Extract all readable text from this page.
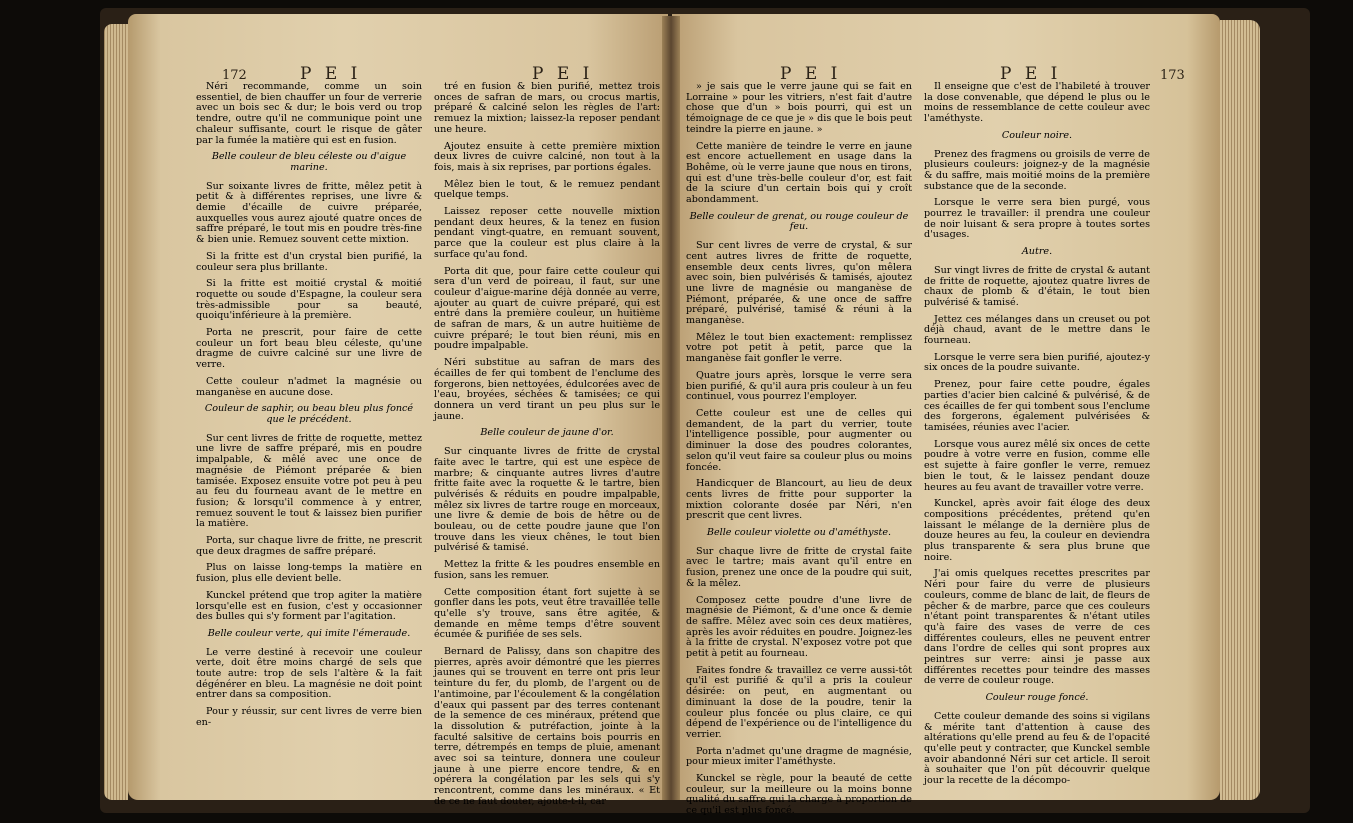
172	P E I	P E I	P E I	P E I	173

Néri recommande, comme un soin essentiel, de bien chauffer un four de verrerie avec un bois sec & dur; le bois verd ou trop tendre, outre qu'il ne communique point une chaleur suffisante, court le risque de gâter par la fumée la matière qui est en fusion.

Belle couleur de bleu céleste ou d'aigue marine.

Sur soixante livres de fritte, mêlez petit à petit & à différentes reprises, une livre & demie d'écaille de cuivre préparée, auxquelles vous aurez ajouté quatre onces de saffre préparé, le tout mis en poudre très-fine & bien unie. Remuez souvent cette mixtion.

Si la fritte est d'un crystal bien purifié, la couleur sera plus brillante.

Si la fritte est moitié crystal & moitié roquette ou soude d'Espagne, la couleur sera très-admissible pour sa beauté, quoiqu'inférieure à la première.

Porta ne prescrit, pour faire de cette couleur un fort beau bleu céleste, qu'une dragme de cuivre calciné sur une livre de verre.

Cette couleur n'admet la magnésie ou manganèse en aucune dose.

Couleur de saphir, ou beau bleu plus foncé que le précédent.

Sur cent livres de fritte de roquette, mettez une livre de saffre préparé, mis en poudre impalpable, & mêlé avec une once de magnésie de Piémont préparée & bien tamisée. Exposez ensuite votre pot peu à peu au feu du fourneau avant de le mettre en fusion; & lorsqu'il commence à y entrer, remuez souvent le tout & laissez bien purifier la matière.

Porta, sur chaque livre de fritte, ne prescrit que deux dragmes de saffre préparé.

Plus on laisse long-temps la matière en fusion, plus elle devient belle.

Kunckel prétend que trop agiter la matière lorsqu'elle est en fusion, c'est y occasionner des bulles qui s'y forment par l'agitation.

Belle couleur verte, qui imite l'émeraude.

Le verre destiné à recevoir une couleur verte, doit être moins chargé de sels que toute autre: trop de sels l'altère & la fait dégénérer en bleu. La magnésie ne doit point entrer dans sa composition.

Pour y réussir, sur cent livres de verre bien en-

tré en fusion & bien purifié, mettez trois onces de safran de mars, ou crocus martis, préparé & calciné selon les règles de l'art: remuez la mixtion; laissez-la reposer pendant une heure.

Ajoutez ensuite à cette première mixtion deux livres de cuivre calciné, non tout à la fois, mais à six reprises, par portions égales.

Mêlez bien le tout, & le remuez pendant quelque temps.

Laissez reposer cette nouvelle mixtion pendant deux heures, & la tenez en fusion pendant vingt-quatre, en remuant souvent, parce que la couleur est plus claire à la surface qu'au fond.

Porta dit que, pour faire cette couleur qui sera d'un verd de poireau, il faut, sur une couleur d'aigue-marine déjà donnée au verre, ajouter au quart de cuivre préparé, qui est entré dans la première couleur, un huitième de safran de mars, & un autre huitième de cuivre préparé; le tout bien réuni, mis en poudre impalpable.

Néri substitue au safran de mars des écailles de fer qui tombent de l'enclume des forgerons, bien nettoyées, édulcorées avec de l'eau, broyées, séchées & tamisées; ce qui donnera un verd tirant un peu plus sur le jaune.

Belle couleur de jaune d'or.

Sur cinquante livres de fritte de crystal faite avec le tartre, qui est une espèce de marbre; & cinquante autres livres d'autre fritte faite avec la roquette & le tartre, bien pulvérisés & réduits en poudre impalpable, mêlez six livres de tartre rouge en morceaux, une livre & demie de bois de hêtre ou de bouleau, ou de cette poudre jaune que l'on trouve dans les vieux chênes, le tout bien pulvérisé & tamisé.

Mettez la fritte & les poudres ensemble en fusion, sans les remuer.

Cette composition étant fort sujette à se gonfler dans les pots, veut être travaillée telle qu'elle s'y trouve, sans être agitée, & demande en même temps d'être souvent écumée & purifiée de ses sels.

Bernard de Palissy, dans son chapitre des pierres, après avoir démontré que les pierres jaunes qui se trouvent en terre ont pris leur teinture du fer, du plomb, de l'argent ou de l'antimoine, par l'écoulement & la congélation d'eaux qui passent par des terres contenant de la semence de ces minéraux, prétend que la dissolution & putréfaction, jointe à la faculté salsitive de certains bois pourris en terre, détrempés en temps de pluie, amenant avec soi sa teinture, donnera une couleur jaune à une pierre encore tendre, & en opérera la congélation par les sels qui s'y rencontrent, comme dans les minéraux. « Et de ce ne faut douter, ajoute-t-il, car

» je sais que le verre jaune qui se fait en Lorraine » pour les vitriers, n'est fait d'autre chose que d'un » bois pourri, qui est un témoignage de ce que je » dis que le bois peut teindre la pierre en jaune. »

Cette manière de teindre le verre en jaune est encore actuellement en usage dans la Bohême, où le verre jaune que nous en tirons, qui est d'une très-belle couleur d'or, est fait de la sciure d'un certain bois qui y croît abondamment.

Belle couleur de grenat, ou rouge couleur de feu.

Sur cent livres de verre de crystal, & sur cent autres livres de fritte de roquette, ensemble deux cents livres, qu'on mêlera avec soin, bien pulvérisés & tamisés, ajoutez une livre de magnésie ou manganèse de Piémont, préparée, & une once de saffre préparé, pulvérisé, tamisé & réuni à la manganèse.

Mêlez le tout bien exactement: remplissez votre pot petit à petit, parce que la manganèse fait gonfler le verre.

Quatre jours après, lorsque le verre sera bien purifié, & qu'il aura pris couleur à un feu continuel, vous pourrez l'employer.

Cette couleur est une de celles qui demandent, de la part du verrier, toute l'intelligence possible, pour augmenter ou diminuer la dose des poudres colorantes, selon qu'il veut faire sa couleur plus ou moins foncée.

Handicquer de Blancourt, au lieu de deux cents livres de fritte pour supporter la mixtion colorante dosée par Néri, n'en prescrit que cent livres.

Belle couleur violette ou d'améthyste.

Sur chaque livre de fritte de crystal faite avec le tartre; mais avant qu'il entre en fusion, prenez une once de la poudre qui suit, & la mêlez.

Composez cette poudre d'une livre de magnésie de Piémont, & d'une once & demie de saffre. Mêlez avec soin ces deux matières, après les avoir réduites en poudre. Joignez-les à la fritte de crystal. N'exposez votre pot que petit à petit au fourneau.

Faites fondre & travaillez ce verre aussi-tôt qu'il est purifié & qu'il a pris la couleur désirée: on peut, en augmentant ou diminuant la dose de la poudre, tenir la couleur plus foncée ou plus claire, ce qui dépend de l'expérience ou de l'intelligence du verrier.

Porta n'admet qu'une dragme de magnésie, pour mieux imiter l'améthyste.

Kunckel se règle, pour la beauté de cette couleur, sur la meilleure ou la moins bonne qualité du saffre qui la charge à proportion de ce qu'il est plus foncé.

Il enseigne que c'est de l'habileté à trouver la dose convenable, que dépend le plus ou le moins de ressemblance de cette couleur avec l'améthyste.

Couleur noire.

Prenez des fragmens ou groisils de verre de plusieurs couleurs: joignez-y de la magnésie & du saffre, mais moitié moins de la première substance que de la seconde.

Lorsque le verre sera bien purgé, vous pourrez le travailler: il prendra une couleur de noir luisant & sera propre à toutes sortes d'usages.

Autre.

Sur vingt livres de fritte de crystal & autant de fritte de roquette, ajoutez quatre livres de chaux de plomb & d'étain, le tout bien pulvérisé & tamisé.

Jettez ces mélanges dans un creuset ou pot déjà chaud, avant de le mettre dans le fourneau.

Lorsque le verre sera bien purifié, ajoutez-y six onces de la poudre suivante.

Prenez, pour faire cette poudre, égales parties d'acier bien calciné & pulvérisé, & de ces écailles de fer qui tombent sous l'enclume des forgerons, également pulvérisées & tamisées, réunies avec l'acier.

Lorsque vous aurez mêlé six onces de cette poudre à votre verre en fusion, comme elle est sujette à faire gonfler le verre, remuez bien le tout, & le laissez pendant douze heures au feu avant de travailler votre verre.

Kunckel, après avoir fait éloge des deux compositions précédentes, prétend qu'en laissant le mélange de la dernière plus de douze heures au feu, la couleur en deviendra plus transparente & sera plus brune que noire.

J'ai omis quelques recettes prescrites par Néri pour faire du verre de plusieurs couleurs, comme de blanc de lait, de fleurs de pêcher & de marbre, parce que ces couleurs n'étant point transparentes & n'étant utiles qu'à faire des vases de verre de ces différentes couleurs, elles ne peuvent entrer dans l'ordre de celles qui sont propres aux peintres sur verre: ainsi je passe aux différentes recettes pour teindre des masses de verre de couleur rouge.

Couleur rouge foncé.

Cette couleur demande des soins si vigilans & mérite tant d'attention à cause des altérations qu'elle prend au feu & de l'opacité qu'elle peut y contracter, que Kunckel semble avoir abandonné Néri sur cet article. Il seroit à souhaiter que l'on pût découvrir quelque jour la recette de la décompo-
